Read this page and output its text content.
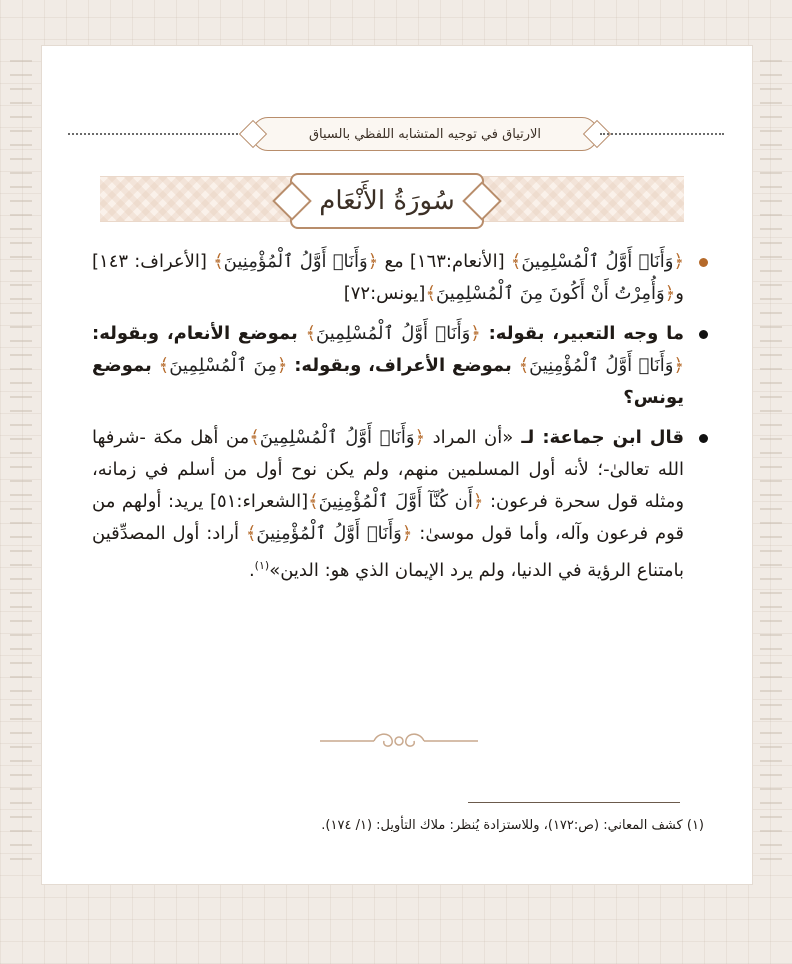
الارتياق في توجيه المتشابه اللفظي بالسياق
سُورَةُ الأَنْعَام
﴿وَأَنَا۠ أَوَّلُ ٱلْمُسْلِمِينَ﴾ [الأنعام:١٦٣] مع ﴿وَأَنَا۠ أَوَّلُ ٱلْمُؤْمِنِينَ﴾ [الأعراف: ١٤٣] و﴿وَأُمِرْتُ أَنْ أَكُونَ مِنَ ٱلْمُسْلِمِينَ﴾[يونس:٧٢]
ما وجه التعبير، بقوله: ﴿وَأَنَا۠ أَوَّلُ ٱلْمُسْلِمِينَ﴾ بموضع الأنعام، وبقوله: ﴿وَأَنَا۠ أَوَّلُ ٱلْمُؤْمِنِينَ﴾ بموضع الأعراف، وبقوله: ﴿مِنَ ٱلْمُسْلِمِينَ﴾ بموضع يونس؟
قال ابن جماعة: لـ «أن المراد ﴿وَأَنَا۠ أَوَّلُ ٱلْمُسْلِمِينَ﴾من أهل مكة -شرفها الله تعالىٰ-؛ لأنه أول المسلمين منهم، ولم يكن نوح أول من أسلم في زمانه، ومثله قول سحرة فرعون: ﴿أَن كُنَّآ أَوَّلَ ٱلْمُؤْمِنِينَ﴾[الشعراء:٥١] يريد: أولهم من قوم فرعون وآله، وأما قول موسىٰ: ﴿وَأَنَا۠ أَوَّلُ ٱلْمُؤْمِنِينَ﴾ أراد: أول المصدِّقين بامتناع الرؤية في الدنيا، ولم يرد الإيمان الذي هو: الدين»$^{(١)}$.
(١) كشف المعاني: (ص:١٧٢)، وللاستزادة يُنظر: ملاك التأويل: (١/ ١٧٤).
